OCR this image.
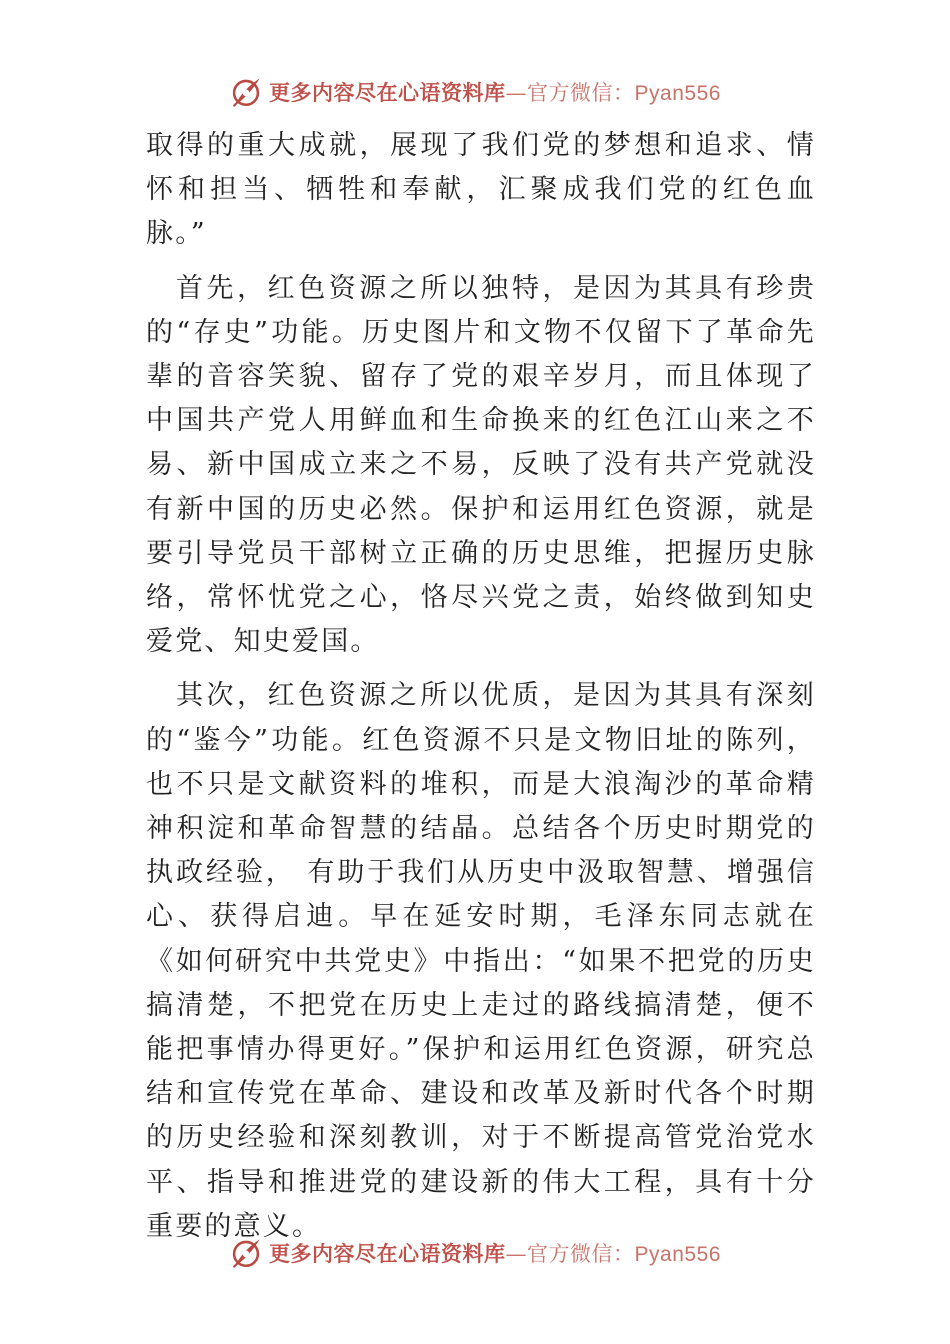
更多内容尽在心语资料库—官方微信：Pyan556

取得的重大成就，展现了我们党的梦想和追求、情怀和担当、牺牲和奉献，汇聚成我们党的红色血脉。”

首先，红色资源之所以独特，是因为其具有珍贵的“存史”功能。历史图片和文物不仅留下了革命先辈的音容笑貌、留存了党的艰辛岁月，而且体现了中国共产党人用鲜血和生命换来的红色江山来之不易、新中国成立来之不易，反映了没有共产党就没有新中国的历史必然。保护和运用红色资源，就是要引导党员干部树立正确的历史思维，把握历史脉络，常怀忧党之心，恪尽兴党之责，始终做到知史爱党、知史爱国。

其次，红色资源之所以优质，是因为其具有深刻的“鉴今”功能。红色资源不只是文物旧址的陈列，也不只是文献资料的堆积，而是大浪淘沙的革命精神积淀和革命智慧的结晶。总结各个历史时期党的执政经验， 有助于我们从历史中汲取智慧、增强信心、获得启迪。早在延安时期，毛泽东同志就在《如何研究中共党史》中指出：“如果不把党的历史搞清楚，不把党在历史上走过的路线搞清楚，便不能把事情办得更好。”保护和运用红色资源，研究总结和宣传党在革命、建设和改革及新时代各个时期的历史经验和深刻教训，对于不断提高管党治党水平、指导和推进党的建设新的伟大工程，具有十分重要的意义。

更多内容尽在心语资料库—官方微信：Pyan556
